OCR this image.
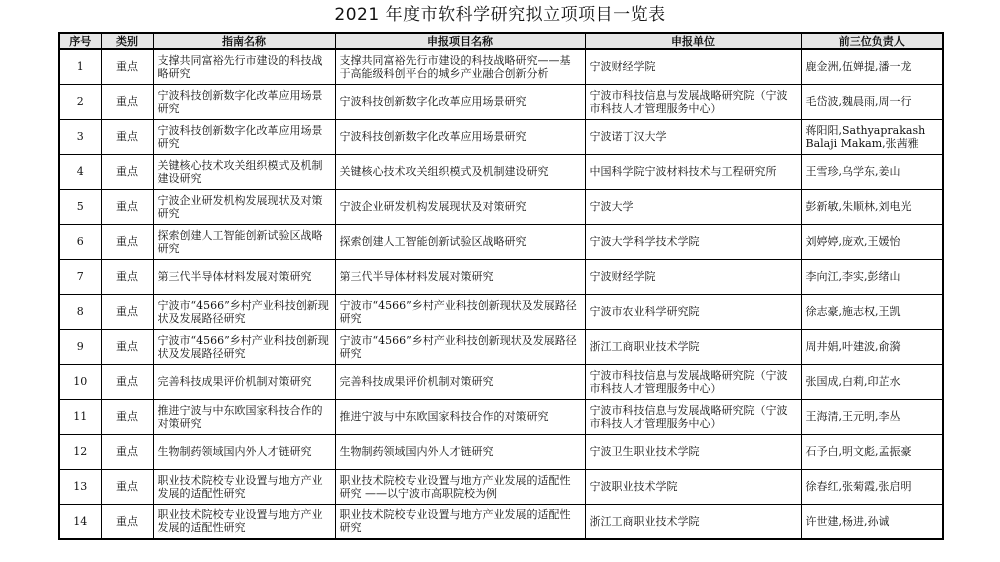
2021 年度市软科学研究拟立项项目一览表
序号	类别	指南名称	申报项目名称	申报单位	前三位负责人
1	重点	支撑共同富裕先行市建设的科技战略研究	支撑共同富裕先行市建设的科技战略研究——基于高能级科创平台的城乡产业融合创新分析	宁波财经学院	鹿金洲,伍婵提,潘一龙
2	重点	宁波科技创新数字化改革应用场景研究	宁波科技创新数字化改革应用场景研究	宁波市科技信息与发展战略研究院（宁波市科技人才管理服务中心）	毛岱波,魏晨雨,周一行
3	重点	宁波科技创新数字化改革应用场景研究	宁波科技创新数字化改革应用场景研究	宁波诺丁汉大学	蒋阳阳,Sathyaprakash Balaji Makam,张茜雅
4	重点	关键核心技术攻关组织模式及机制建设研究	关键核心技术攻关组织模式及机制建设研究	中国科学院宁波材料技术与工程研究所	王雪珍,乌学东,姜山
5	重点	宁波企业研发机构发展现状及对策研究	宁波企业研发机构发展现状及对策研究	宁波大学	彭新敏,朱顺林,刘电光
6	重点	探索创建人工智能创新试验区战略研究	探索创建人工智能创新试验区战略研究	宁波大学科学技术学院	刘婷婷,庞欢,王媛怡
7	重点	第三代半导体材料发展对策研究	第三代半导体材料发展对策研究	宁波财经学院	李向江,李实,彭绪山
8	重点	宁波市“4566”乡村产业科技创新现状及发展路径研究	宁波市“4566”乡村产业科技创新现状及发展路径研究	宁波市农业科学研究院	徐志豪,施志权,王凯
9	重点	宁波市“4566”乡村产业科技创新现状及发展路径研究	宁波市“4566”乡村产业科技创新现状及发展路径研究	浙江工商职业技术学院	周井娟,叶建波,俞漪
10	重点	完善科技成果评价机制对策研究	完善科技成果评价机制对策研究	宁波市科技信息与发展战略研究院（宁波市科技人才管理服务中心）	张国成,白莉,印芷水
11	重点	推进宁波与中东欧国家科技合作的对策研究	推进宁波与中东欧国家科技合作的对策研究	宁波市科技信息与发展战略研究院（宁波市科技人才管理服务中心）	王海清,王元明,李丛
12	重点	生物制药领域国内外人才链研究	生物制药领域国内外人才链研究	宁波卫生职业技术学院	石予白,明文彪,孟振豪
13	重点	职业技术院校专业设置与地方产业发展的适配性研究	职业技术院校专业设置与地方产业发展的适配性研究 ——以宁波市高职院校为例	宁波职业技术学院	徐春红,张菊霞,张启明
14	重点	职业技术院校专业设置与地方产业发展的适配性研究	职业技术院校专业设置与地方产业发展的适配性研究	浙江工商职业技术学院	许世建,杨进,孙诚
